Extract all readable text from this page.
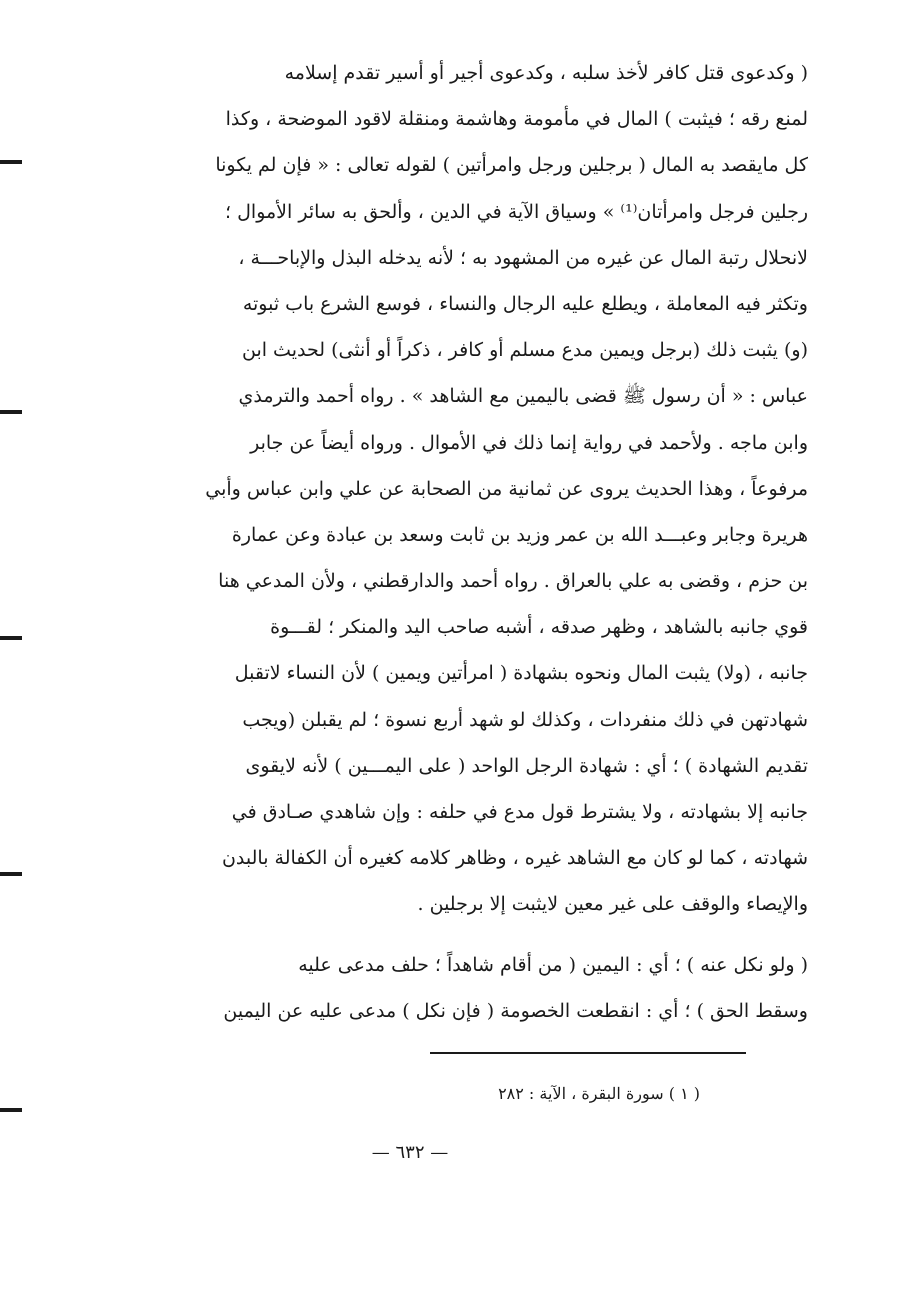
( وكدعوى قتل كافر لأخذ سلبه ، وكدعوى أجير أو أسير تقدم إسلامه
لمنع رقه ؛ فيثبت ) المال في مأمومة وهاشمة ومنقلة لاقود الموضحة ، وكذا
كل مايقصد به المال ( برجلين ورجل وامرأتين ) لقوله تعالى : « فإن لم يكونا
رجلين فرجل وامرأتان⁽¹⁾ » وسياق الآية في الدين ، وألحق به سائر الأموال ؛
لانحلال رتبة المال عن غيره من المشهود به ؛ لأنه يدخله البذل والإباحـــة ،
وتكثر فيه المعاملة ، ويطلع عليه الرجال والنساء ، فوسع الشرع باب ثبوته
(و) يثبت ذلك (برجل ويمين مدع مسلم أو كافر ، ذكراً أو أنثى) لحديث ابن
عباس : « أن رسول ﷺ قضى باليمين مع الشاهد » . رواه أحمد والترمذي
وابن ماجه . ولأحمد في رواية إنما ذلك في الأموال . ورواه أيضاً عن جابر
مرفوعاً ، وهذا الحديث يروى عن ثمانية من الصحابة عن علي وابن عباس وأبي
هريرة وجابر وعبـــد الله بن عمر وزيد بن ثابت وسعد بن عبادة وعن عمارة
بن حزم ، وقضى به علي بالعراق . رواه أحمد والدارقطني ، ولأن المدعي هنا
قوي جانبه بالشاهد ، وظهر صدقه ، أشبه صاحب اليد والمنكر ؛ لقـــوة
جانبه ، (ولا) يثبت المال ونحوه بشهادة ( امرأتين ويمين ) لأن النساء لاتقبل
شهادتهن في ذلك منفردات ، وكذلك لو شهد أربع نسوة ؛ لم يقبلن (ويجب
تقديم الشهادة ) ؛ أي : شهادة الرجل الواحد ( على اليمـــين ) لأنه لايقوى
جانبه إلا بشهادته ، ولا يشترط قول مدع في حلفه : وإن شاهدي صـادق في
شهادته ، كما لو كان مع الشاهد غيره ، وظاهر كلامه كغيره أن الكفالة بالبدن
والإيصاء والوقف على غير معين لايثبت إلا برجلين .
( ولو نكل عنه ) ؛ أي : اليمين ( من أقام شاهداً ؛ حلف مدعى عليه
وسقط الحق ) ؛ أي : انقطعت الخصومة ( فإن نكل ) مدعى عليه عن اليمين
( ١ ) سورة البقرة ، الآية : ٢٨٢
— ٦٣٢ —
